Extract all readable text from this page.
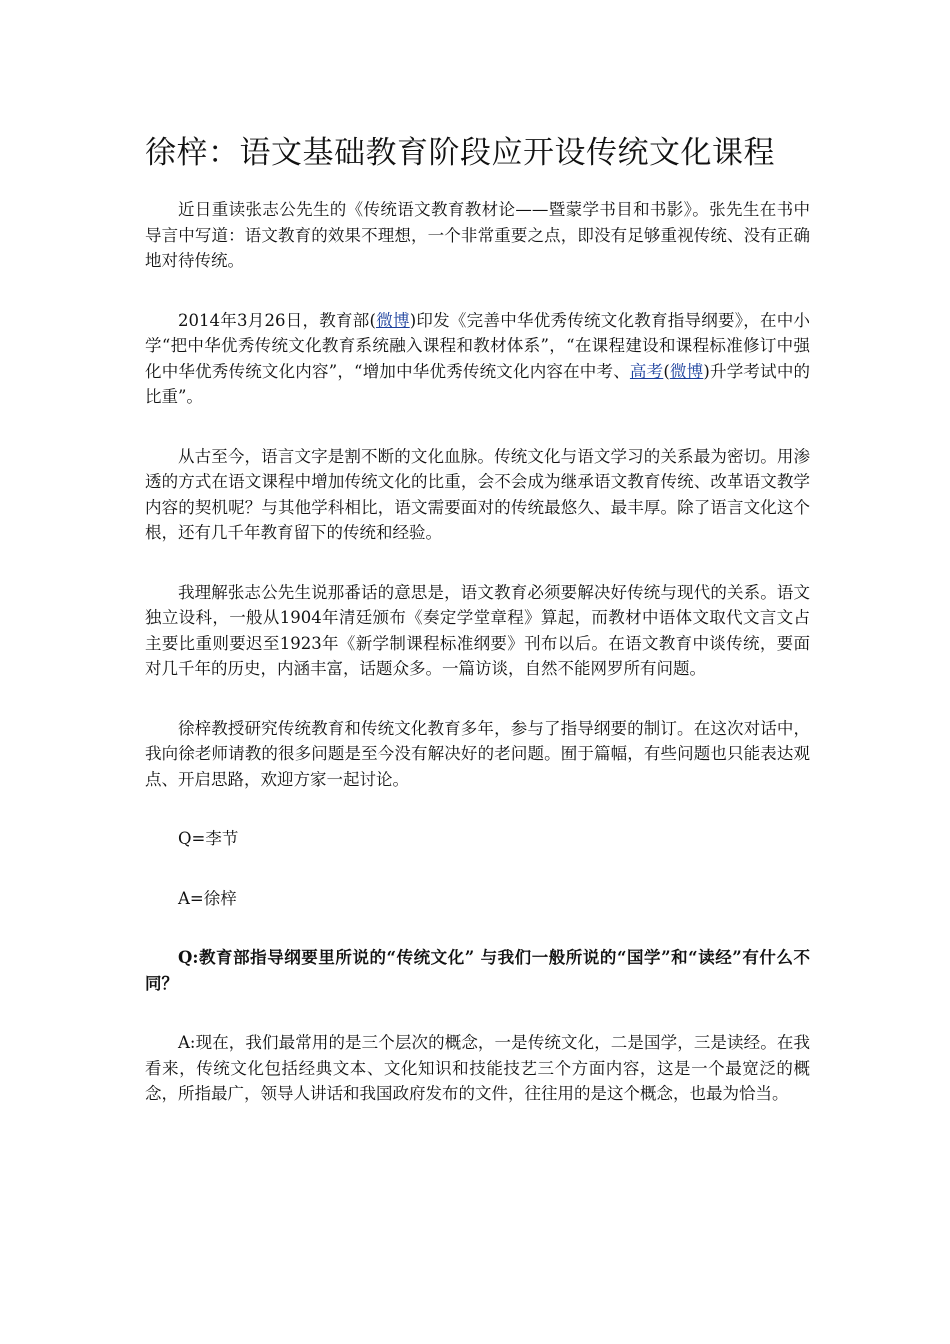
徐梓：语文基础教育阶段应开设传统文化课程

近日重读张志公先生的《传统语文教育教材论——暨蒙学书目和书影》。张先生在书中导言中写道：语文教育的效果不理想，一个非常重要之点，即没有足够重视传统、没有正确地对待传统。

2014年3月26日，教育部(微博)印发《完善中华优秀传统文化教育指导纲要》，在中小学“把中华优秀传统文化教育系统融入课程和教材体系”，“在课程建设和课程标准修订中强化中华优秀传统文化内容”，“增加中华优秀传统文化内容在中考、高考(微博)升学考试中的比重”。

从古至今，语言文字是割不断的文化血脉。传统文化与语文学习的关系最为密切。用渗透的方式在语文课程中增加传统文化的比重，会不会成为继承语文教育传统、改革语文教学内容的契机呢？与其他学科相比，语文需要面对的传统最悠久、最丰厚。除了语言文化这个根，还有几千年教育留下的传统和经验。

我理解张志公先生说那番话的意思是，语文教育必须要解决好传统与现代的关系。语文独立设科，一般从1904年清廷颁布《奏定学堂章程》算起，而教材中语体文取代文言文占主要比重则要迟至1923年《新学制课程标准纲要》刊布以后。在语文教育中谈传统，要面对几千年的历史，内涵丰富，话题众多。一篇访谈，自然不能网罗所有问题。

徐梓教授研究传统教育和传统文化教育多年，参与了指导纲要的制订。在这次对话中，我向徐老师请教的很多问题是至今没有解决好的老问题。囿于篇幅，有些问题也只能表达观点、开启思路，欢迎方家一起讨论。

Q=李节

A=徐梓

Q:教育部指导纲要里所说的“传统文化” 与我们一般所说的“国学”和“读经”有什么不同？

A:现在，我们最常用的是三个层次的概念，一是传统文化，二是国学，三是读经。在我看来，传统文化包括经典文本、文化知识和技能技艺三个方面内容，这是一个最宽泛的概念，所指最广，领导人讲话和我国政府发布的文件，往往用的是这个概念，也最为恰当。
